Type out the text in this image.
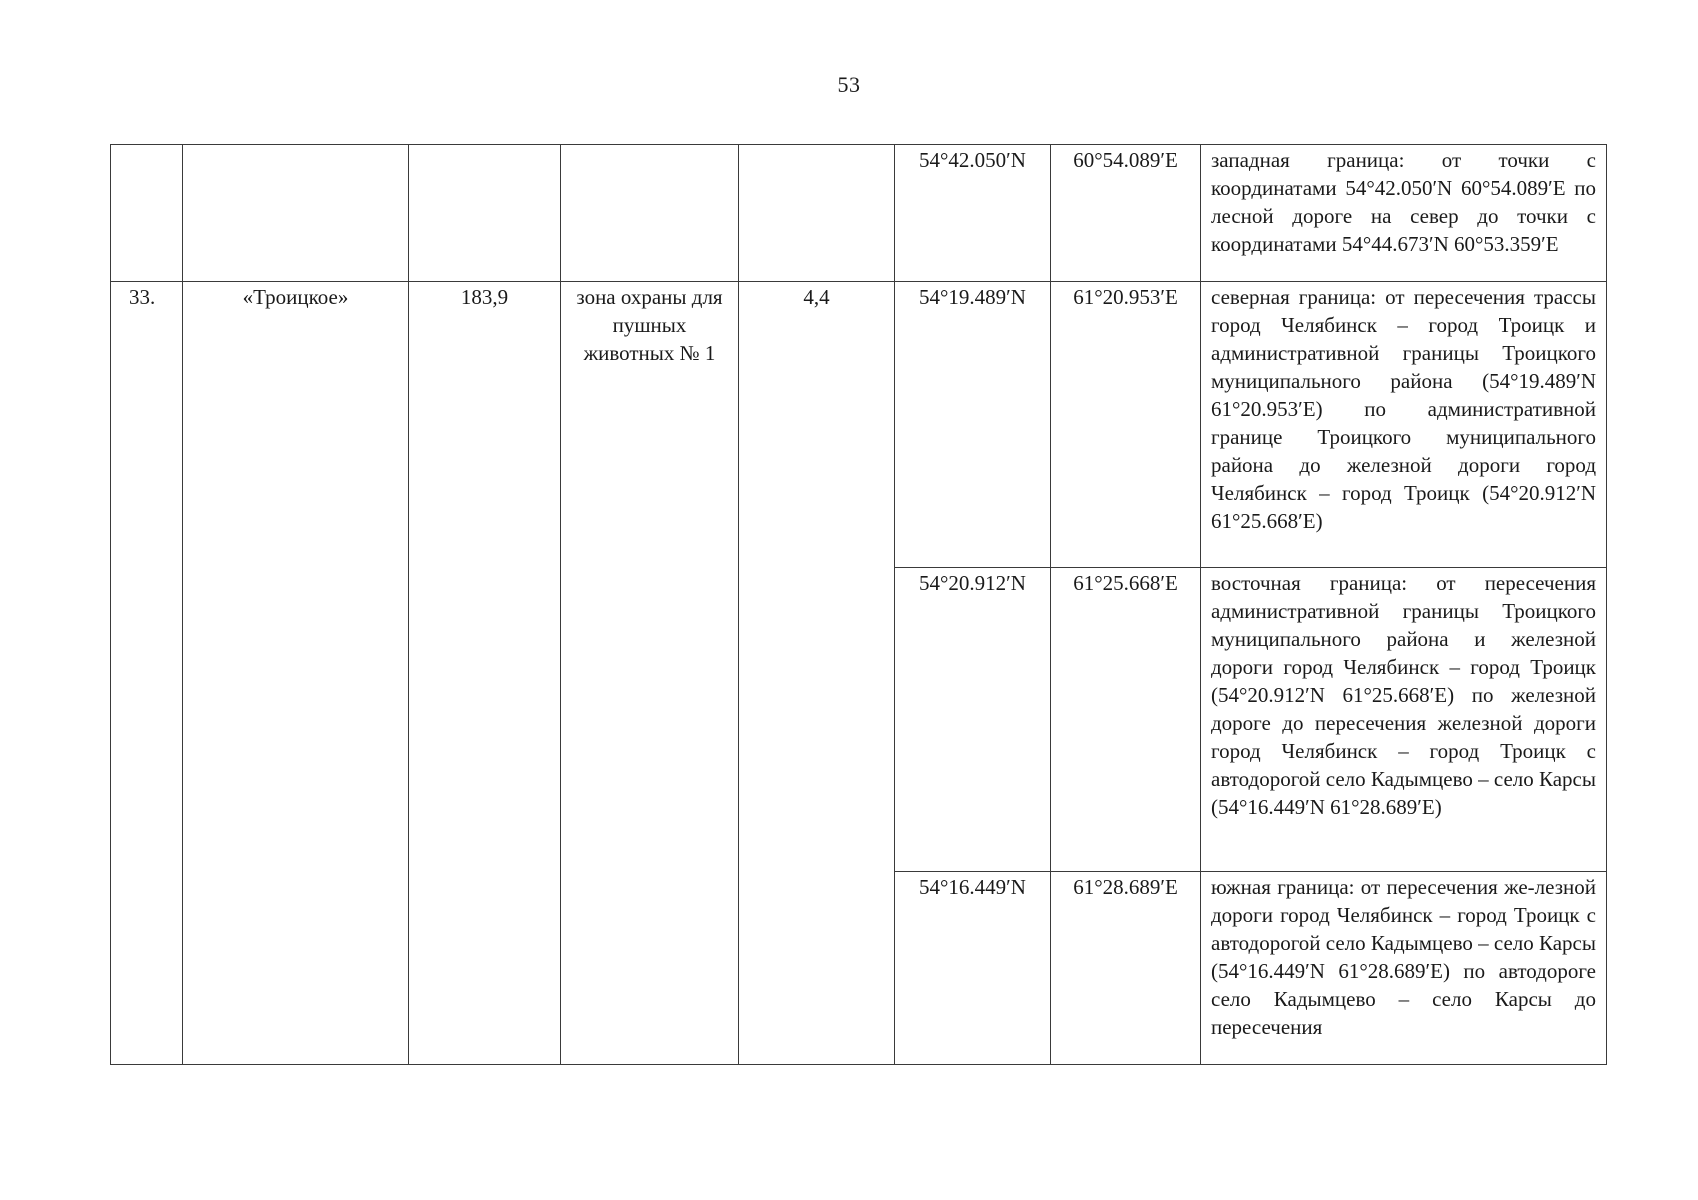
53
					54°42.050′N	60°54.089′E	западная граница: от точки с координатами 54°42.050′N 60°54.089′E по лесной дороге на север до точки с координатами 54°44.673′N 60°53.359′E

33.	«Троицкое»	183,9	зона охраны для пушных животных № 1	4,4	54°19.489′N	61°20.953′E	северная граница: от пересечения трассы город Челябинск – город Троицк и административной границы Троицкого муниципального района (54°19.489′N 61°20.953′E) по административной границе Троицкого муниципального района до железной дороги город Челябинск – город Троицк (54°20.912′N 61°25.668′E)

					54°20.912′N	61°25.668′E	восточная граница: от пересечения административной границы Троицкого муниципального района и железной дороги город Челябинск – город Троицк (54°20.912′N 61°25.668′E) по железной дороге до пересечения железной дороги город Челябинск – город Троицк с автодорогой село Кадымцево – село Карсы (54°16.449′N 61°28.689′E)

					54°16.449′N	61°28.689′E	южная граница: от пересечения же-лезной дороги город Челябинск – город Троицк с автодорогой село Кадымцево – село Карсы (54°16.449′N 61°28.689′E) по автодороге село Кадымцево – село Карсы до пересечения
